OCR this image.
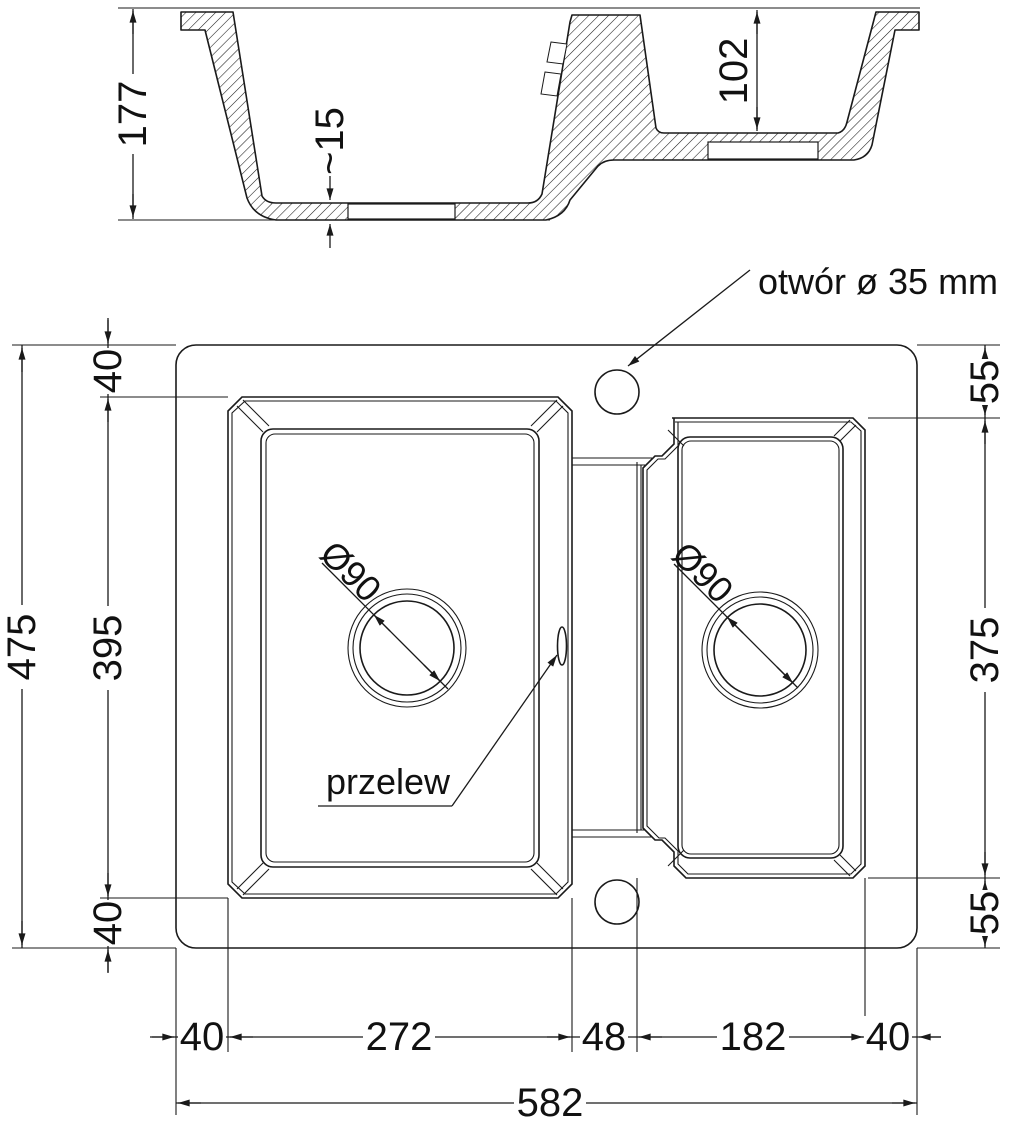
177	~15
102
Ø90	Ø90
przelew
otwór ø 35 mm
475
40
395
40
55
375
55
40	272	48 182 40
582
